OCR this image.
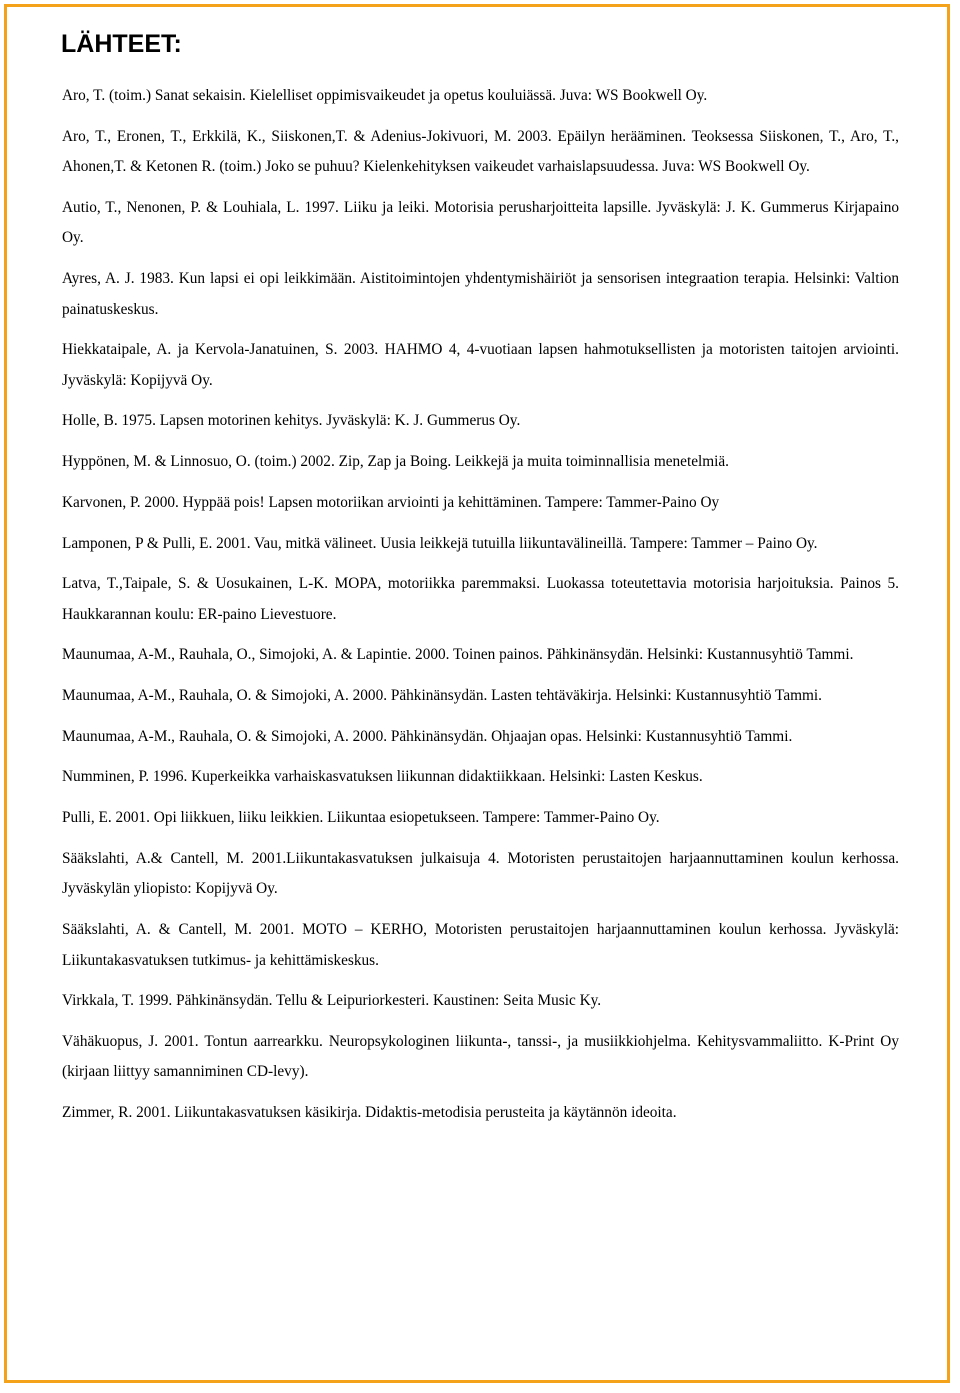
LÄHTEET:
Aro, T. (toim.) Sanat sekaisin. Kielelliset oppimisvaikeudet ja opetus kouluiässä. Juva: WS Bookwell Oy.
Aro, T., Eronen, T., Erkkilä, K., Siiskonen,T. & Adenius-Jokivuori, M. 2003. Epäilyn herääminen. Teoksessa Siiskonen, T., Aro, T., Ahonen,T. & Ketonen R. (toim.) Joko se puhuu? Kielenkehityksen vaikeudet varhaislapsuudessa. Juva: WS Bookwell Oy.
Autio, T., Nenonen, P. & Louhiala, L. 1997. Liiku ja leiki. Motorisia perusharjoitteita lapsille. Jyväskylä: J. K. Gummerus Kirjapaino Oy.
Ayres, A. J. 1983. Kun lapsi ei opi leikkimään. Aistitoimintojen yhdentymishäiriöt ja sensorisen integraation terapia. Helsinki: Valtion painatuskeskus.
Hiekkataipale, A. ja Kervola-Janatuinen, S. 2003. HAHMO 4, 4-vuotiaan lapsen hahmotuksellisten ja motoristen taitojen arviointi. Jyväskylä: Kopijyvä Oy.
Holle, B. 1975. Lapsen motorinen kehitys. Jyväskylä: K. J. Gummerus Oy.
Hyppönen, M. & Linnosuo, O. (toim.) 2002. Zip, Zap ja Boing. Leikkejä ja muita toiminnallisia menetelmiä.
Karvonen, P. 2000. Hyppää pois! Lapsen motoriikan arviointi ja kehittäminen. Tampere: Tammer-Paino Oy
Lamponen, P & Pulli, E. 2001. Vau, mitkä välineet. Uusia leikkejä tutuilla liikuntavälineillä. Tampere: Tammer – Paino Oy.
Latva, T.,Taipale, S. & Uosukainen, L-K. MOPA, motoriikka paremmaksi. Luokassa toteutettavia motorisia harjoituksia. Painos 5. Haukkarannan koulu: ER-paino Lievestuore.
Maunumaa, A-M., Rauhala, O., Simojoki, A. & Lapintie. 2000. Toinen painos. Pähkinänsydän. Helsinki: Kustannusyhtiö Tammi.
Maunumaa, A-M., Rauhala, O. & Simojoki, A. 2000. Pähkinänsydän. Lasten tehtäväkirja. Helsinki: Kustannusyhtiö Tammi.
Maunumaa, A-M., Rauhala, O. & Simojoki, A. 2000. Pähkinänsydän. Ohjaajan opas. Helsinki: Kustannusyhtiö Tammi.
Numminen, P. 1996. Kuperkeikka varhaiskasvatuksen liikunnan didaktiikkaan. Helsinki: Lasten Keskus.
Pulli, E. 2001. Opi liikkuen, liiku leikkien. Liikuntaa esiopetukseen. Tampere: Tammer-Paino Oy.
Sääkslahti, A.& Cantell, M. 2001.Liikuntakasvatuksen julkaisuja 4. Motoristen perustaitojen harjaannuttaminen koulun kerhossa. Jyväskylän yliopisto: Kopijyvä Oy.
Sääkslahti, A. & Cantell, M. 2001. MOTO – KERHO, Motoristen perustaitojen harjaannuttaminen koulun kerhossa. Jyväskylä: Liikuntakasvatuksen tutkimus- ja kehittämiskeskus.
Virkkala, T. 1999. Pähkinänsydän. Tellu & Leipuriorkesteri. Kaustinen: Seita Music Ky.
Vähäkuopus, J. 2001. Tontun aarrearkku. Neuropsykologinen liikunta-, tanssi-, ja musiikkiohjelma. Kehitysvammaliitto. K-Print Oy (kirjaan liittyy samanniminen CD-levy).
Zimmer, R. 2001. Liikuntakasvatuksen käsikirja. Didaktis-metodisia perusteita ja käytännön ideoita.
